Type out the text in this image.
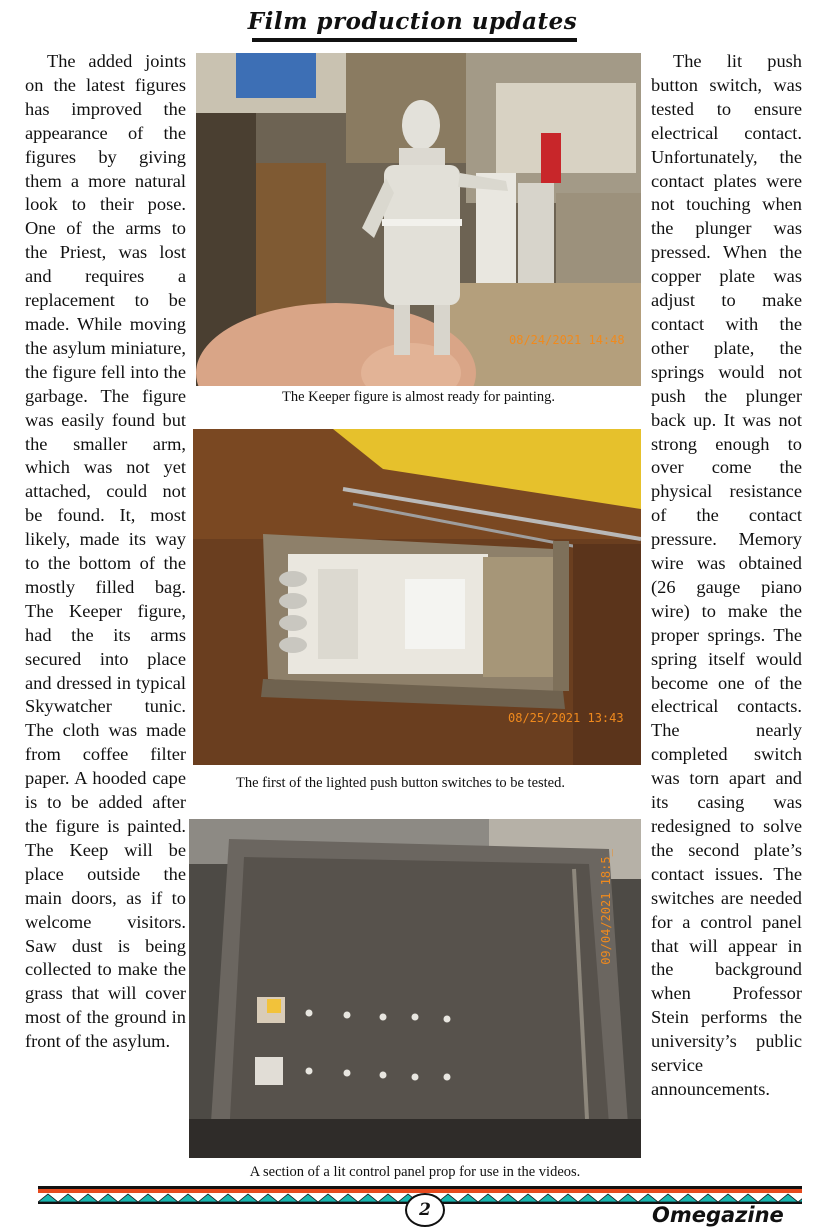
Film production updates

The added joints on the latest figures has improved the appearance of the figures by giving them a more natural look to their pose. One of the arms to the Priest, was lost and requires a replacement to be made. While moving the asylum miniature, the figure fell into the garbage. The figure was easily found but the smaller arm, which was not yet attached, could not be found. It, most likely, made its way to the bottom of the mostly filled bag. The Keeper figure, had the its arms secured into place and dressed in typical Skywatcher tunic. The cloth was made from coffee filter paper. A hooded cape is to be added after the figure is painted. The Keep will be place outside the main doors, as if to welcome visitors. Saw dust is being collected to make the grass that will cover most of the ground in front of the asylum.

The lit push button switch, was tested to ensure electrical contact. Unfortunately, the contact plates were not touching when the plunger was pressed. When the copper plate was adjust to make contact with the other plate, the springs would not push the plunger back up. It was not strong enough to over come the physical resistance of the contact pressure. Memory wire was obtained (26 gauge piano wire) to make the proper springs. The spring itself would become one of the electrical contacts. The nearly completed switch was torn apart and its casing was redesigned to solve the second plate’s contact issues. The switches are needed for a control panel that will appear in the background when Professor Stein performs the university’s public service announcements.

08/24/2021 14:48
The Keeper figure is almost ready for painting.
08/25/2021 13:43
The first of the lighted push button switches to be tested.
09/04/2021 18:5_
A section of a lit control panel prop for use in the videos.
2	Omegazine
